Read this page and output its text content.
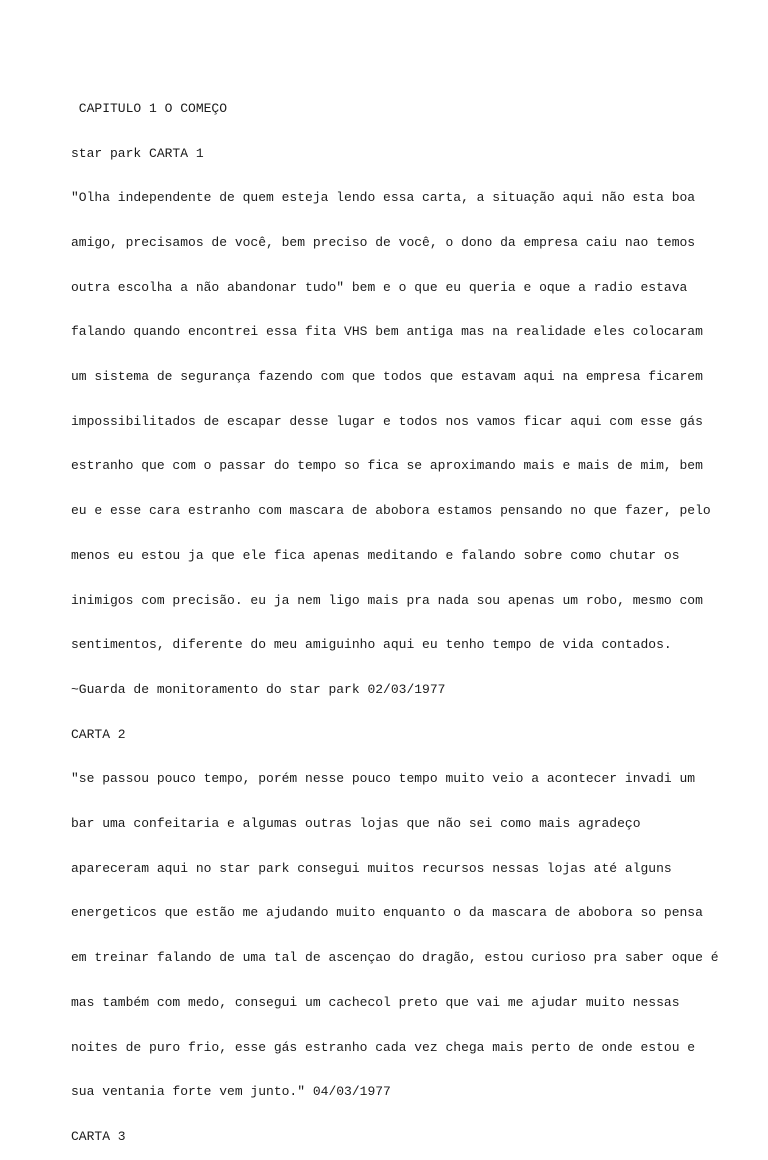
CAPITULO 1 O COMEÇO

star park CARTA 1

"Olha independente de quem esteja lendo essa carta, a situação aqui não esta boa

amigo, precisamos de você, bem preciso de você, o dono da empresa caiu nao temos

outra escolha a não abandonar tudo" bem e o que eu queria e oque a radio estava

falando quando encontrei essa fita VHS bem antiga mas na realidade eles colocaram

um sistema de segurança fazendo com que todos que estavam aqui na empresa ficarem

impossibilitados de escapar desse lugar e todos nos vamos ficar aqui com esse gás

estranho que com o passar do tempo so fica se aproximando mais e mais de mim, bem

eu e esse cara estranho com mascara de abobora estamos pensando no que fazer, pelo

menos eu estou ja que ele fica apenas meditando e falando sobre como chutar os

inimigos com precisão. eu ja nem ligo mais pra nada sou apenas um robo, mesmo com

sentimentos, diferente do meu amiguinho aqui eu tenho tempo de vida contados.

~Guarda de monitoramento do star park 02/03/1977

CARTA 2

"se passou pouco tempo, porém nesse pouco tempo muito veio a acontecer invadi um

bar uma confeitaria e algumas outras lojas que não sei como mais agradeço

apareceram aqui no star park consegui muitos recursos nessas lojas até alguns

energeticos que estão me ajudando muito enquanto o da mascara de abobora so pensa

em treinar falando de uma tal de ascençao do dragão, estou curioso pra saber oque é

mas também com medo, consegui um cachecol preto que vai me ajudar muito nessas

noites de puro frio, esse gás estranho cada vez chega mais perto de onde estou e

sua ventania forte vem junto." 04/03/1977

CARTA 3
